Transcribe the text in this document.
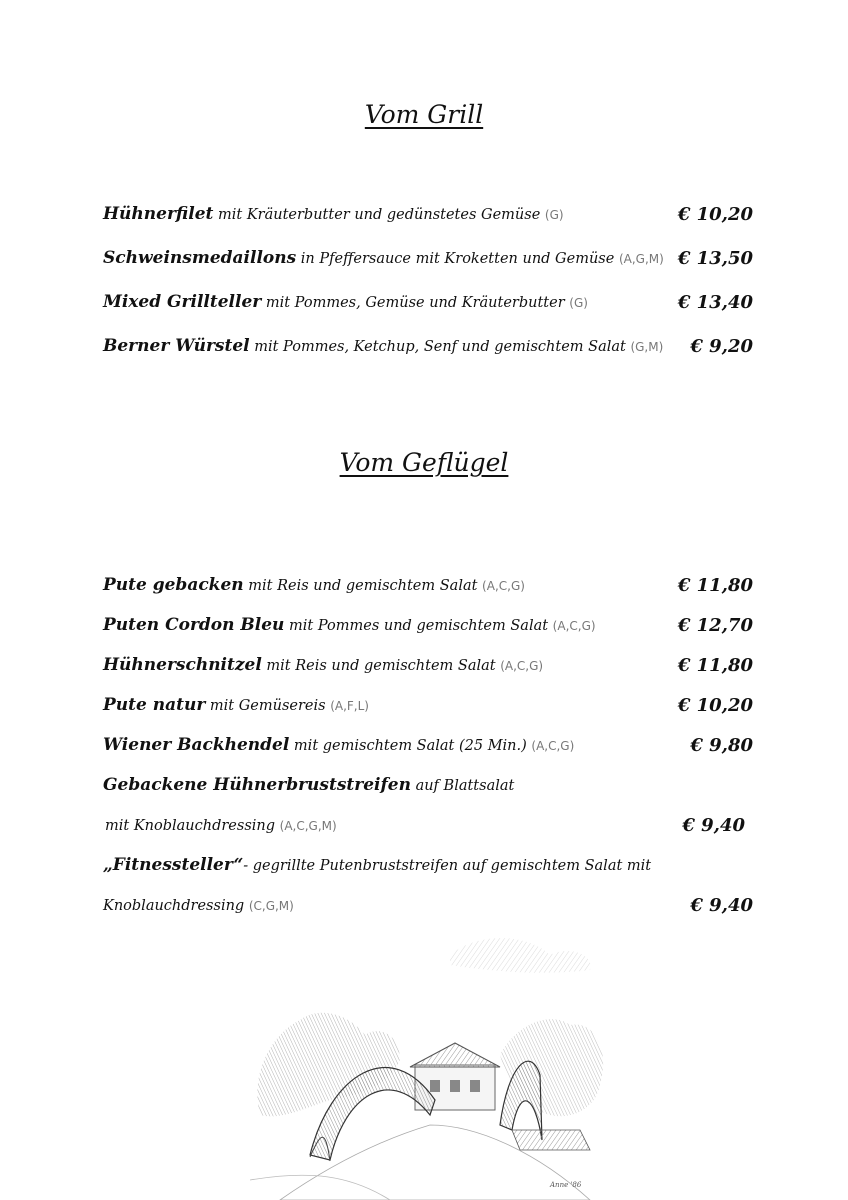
Vom Grill
Hühnerfilet mit Kräuterbutter und gedünstetes Gemüse (G)	€ 10,20
Schweinsmedaillons in Pfeffersauce mit Kroketten und Gemüse (A,G,M) € 13,50
Mixed Grillteller mit Pommes, Gemüse und Kräuterbutter (G)	€ 13,40
Berner Würstel mit Pommes, Ketchup, Senf und gemischtem Salat (G,M) € 9,20
Vom Geflügel
Pute gebacken mit Reis und gemischtem Salat (A,C,G)	€ 11,80
Puten Cordon Bleu mit Pommes und gemischtem Salat (A,C,G)	€ 12,70
Hühnerschnitzel mit Reis und gemischtem Salat (A,C,G)	€ 11,80
Pute natur mit Gemüsereis (A,F,L)	€ 10,20
Wiener Backhendel mit gemischtem Salat (25 Min.) (A,C,G)	€ 9,80
Gebackene Hühnerbruststreifen auf Blattsalat
mit Knoblauchdressing (A,C,G,M)	€ 9,40
„Fitnessteller“- gegrillte Putenbruststreifen auf gemischtem Salat mit
Knoblauchdressing (C,G,M)	€ 9,40
Anne '86
